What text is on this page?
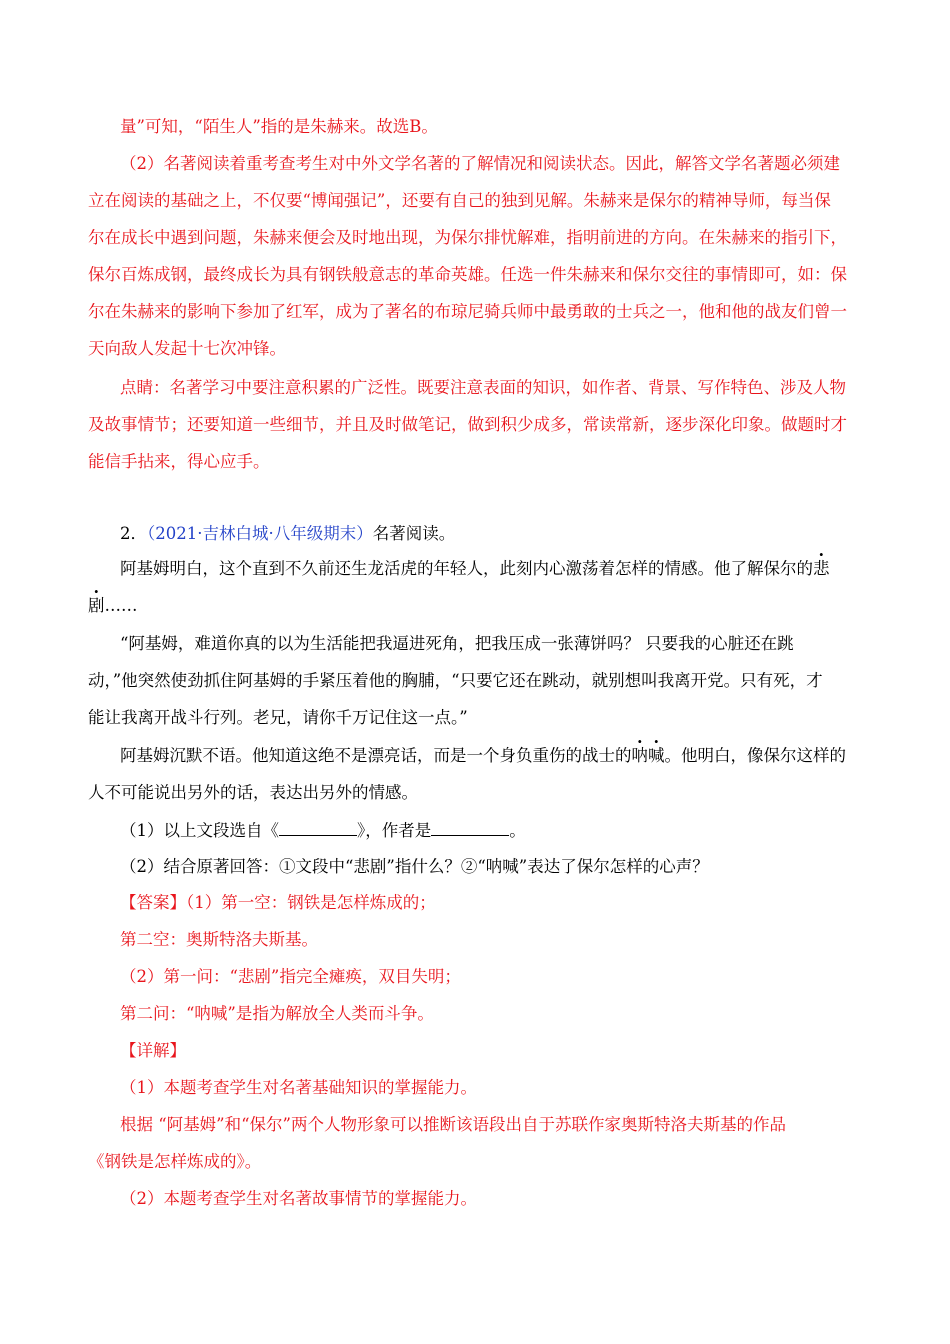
量”可知，“陌生人”指的是朱赫来。故选B。
（2）名著阅读着重考查考生对中外文学名著的了解情况和阅读状态。因此，解答文学名著题必须建
立在阅读的基础之上，不仅要“博闻强记”，还要有自己的独到见解。朱赫来是保尔的精神导师，每当保
尔在成长中遇到问题，朱赫来便会及时地出现，为保尔排忧解难，指明前进的方向。在朱赫来的指引下，
保尔百炼成钢，最终成长为具有钢铁般意志的革命英雄。任选一件朱赫来和保尔交往的事情即可，如：保
尔在朱赫来的影响下参加了红军，成为了著名的布琼尼骑兵师中最勇敢的士兵之一，他和他的战友们曾一
天向敌人发起十七次冲锋。
点睛：名著学习中要注意积累的广泛性。既要注意表面的知识，如作者、背景、写作特色、涉及人物
及故事情节；还要知道一些细节，并且及时做笔记，做到积少成多，常读常新，逐步深化印象。做题时才
能信手拈来，得心应手。
2．（2021·吉林白城·八年级期末）名著阅读。
阿基姆明白，这个直到不久前还生龙活虎的年轻人，此刻内心激荡着怎样的情感。他了解保尔的悲
剧……
“阿基姆，难道你真的以为生活能把我逼进死角，把我压成一张薄饼吗？ 只要我的心脏还在跳
动，”他突然使劲抓住阿基姆的手紧压着他的胸脯，“只要它还在跳动，就别想叫我离开党。只有死，才
能让我离开战斗行列。老兄，请你千万记住这一点。”
阿基姆沉默不语。他知道这绝不是漂亮话，而是一个身负重伤的战士的呐喊。他明白，像保尔这样的
人不可能说出另外的话，表达出另外的情感。
（1）以上文段选自《	》，作者是	。
（2）结合原著回答：①文段中“悲剧”指什么？②“呐喊”表达了保尔怎样的心声？
【答案】（1）第一空：钢铁是怎样炼成的；
第二空：奥斯特洛夫斯基。
（2）第一问：“悲剧”指完全瘫痪，双目失明；
第二问：“呐喊”是指为解放全人类而斗争。
【详解】
（1）本题考查学生对名著基础知识的掌握能力。
根据 “阿基姆”和“保尔”两个人物形象可以推断该语段出自于苏联作家奥斯特洛夫斯基的作品
《钢铁是怎样炼成的》。
（2）本题考查学生对名著故事情节的掌握能力。
